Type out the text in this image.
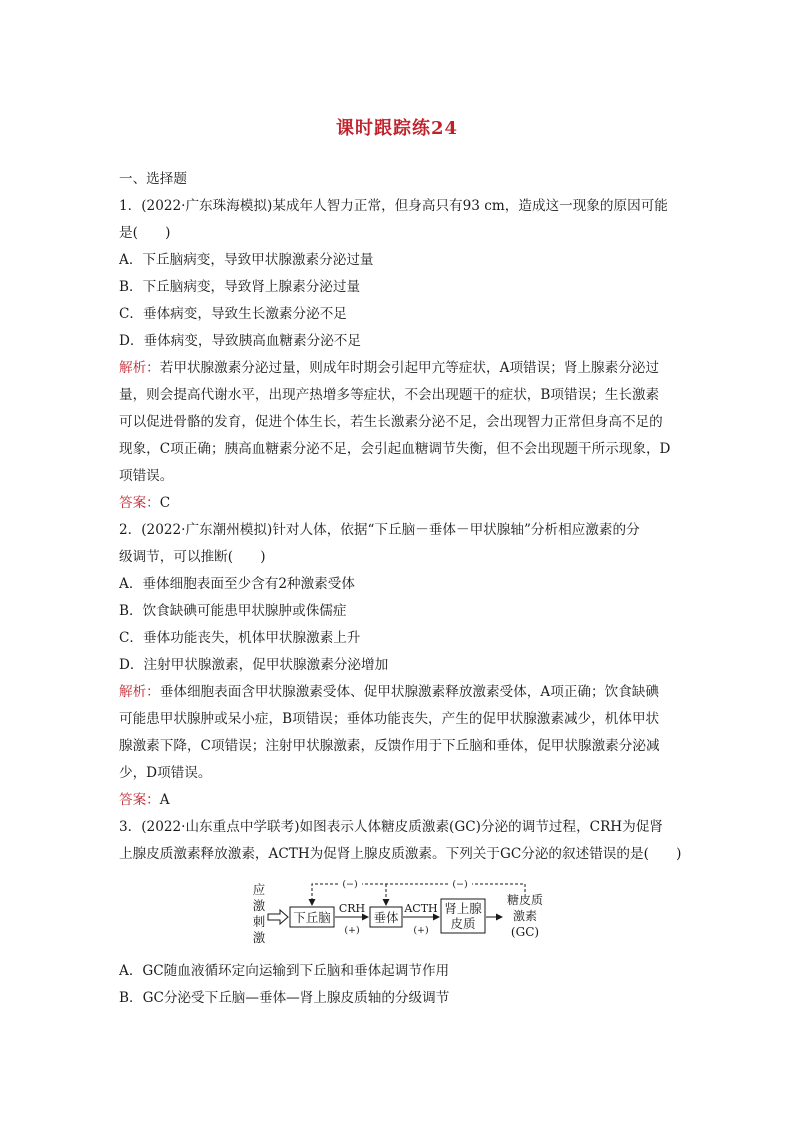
课时跟踪练24
一、选择题
1．(2022·广东珠海模拟)某成年人智力正常，但身高只有93 cm，造成这一现象的原因可能
是(　　)
A．下丘脑病变，导致甲状腺激素分泌过量
B．下丘脑病变，导致肾上腺素分泌过量
C．垂体病变，导致生长激素分泌不足
D．垂体病变，导致胰高血糖素分泌不足
解析：若甲状腺激素分泌过量，则成年时期会引起甲亢等症状，A项错误；肾上腺素分泌过
量，则会提高代谢水平，出现产热增多等症状，不会出现题干的症状，B项错误；生长激素
可以促进骨骼的发育，促进个体生长，若生长激素分泌不足，会出现智力正常但身高不足的
现象，C项正确；胰高血糖素分泌不足，会引起血糖调节失衡，但不会出现题干所示现象，D
项错误。
答案：C
2．(2022·广东潮州模拟)针对人体，依据“下丘脑－垂体－甲状腺轴”分析相应激素的分
级调节，可以推断(　　)
A．垂体细胞表面至少含有2种激素受体
B．饮食缺碘可能患甲状腺肿或侏儒症
C．垂体功能丧失，机体甲状腺激素上升
D．注射甲状腺激素，促甲状腺激素分泌增加
解析：垂体细胞表面含甲状腺激素受体、促甲状腺激素释放激素受体，A项正确；饮食缺碘
可能患甲状腺肿或呆小症，B项错误；垂体功能丧失，产生的促甲状腺激素减少，机体甲状
腺激素下降，C项错误；注射甲状腺激素，反馈作用于下丘脑和垂体，促甲状腺激素分泌减
少，D项错误。
答案：A
3．(2022·山东重点中学联考)如图表示人体糖皮质激素(GC)分泌的调节过程，CRH为促肾
上腺皮质激素释放激素，ACTH为促肾上腺皮质激素。下列关于GC分泌的叙述错误的是(　　)
应
激
刺
激
下丘脑
CRH
(+)
垂体
ACTH
(+)
肾上腺
皮质
糖皮质
激素
(GC)
(−)	(−)
A．GC随血液循环定向运输到下丘脑和垂体起调节作用
B．GC分泌受下丘脑—垂体—肾上腺皮质轴的分级调节
